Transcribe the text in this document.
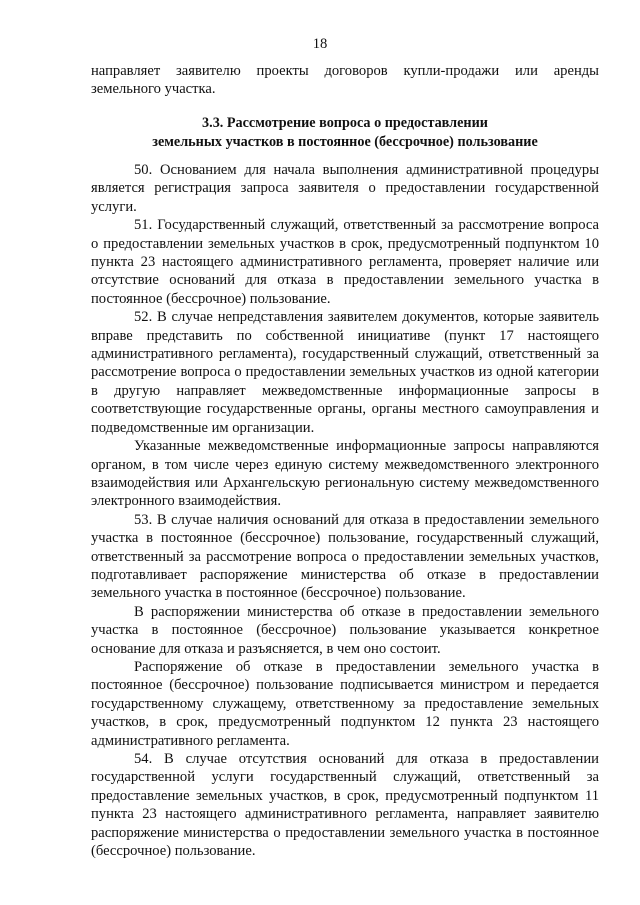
18
направляет заявителю проекты договоров купли-продажи или аренды земельного участка.
3.3. Рассмотрение вопроса о предоставлении
земельных участков в постоянное (бессрочное) пользование

50. Основанием для начала выполнения административной процедуры является регистрация запроса заявителя о предоставлении государственной услуги.

51. Государственный служащий, ответственный за рассмотрение вопроса о предоставлении земельных участков в срок, предусмотренный подпунктом 10 пункта 23 настоящего административного регламента, проверяет наличие или отсутствие оснований для отказа в предоставлении земельного участка в постоянное (бессрочное) пользование.

52. В случае непредставления заявителем документов, которые заявитель вправе представить по собственной инициативе (пункт 17 настоящего административного регламента), государственный служащий, ответственный за рассмотрение вопроса о предоставлении земельных участков из одной категории в другую направляет межведомственные информационные запросы в соответствующие государственные органы, органы местного самоуправления и подведомственные им организации.

Указанные межведомственные информационные запросы направляются органом, в том числе через единую систему межведомственного электронного взаимодействия или Архангельскую региональную систему межведомственного электронного взаимодействия.

53. В случае наличия оснований для отказа в предоставлении земельного участка в постоянное (бессрочное) пользование, государственный служащий, ответственный за рассмотрение вопроса о предоставлении земельных участков, подготавливает распоряжение министерства об отказе в предоставлении земельного участка в постоянное (бессрочное) пользование.

В распоряжении министерства об отказе в предоставлении земельного участка в постоянное (бессрочное) пользование указывается конкретное основание для отказа и разъясняется, в чем оно состоит.

Распоряжение об отказе в предоставлении земельного участка в постоянное (бессрочное) пользование подписывается министром и передается государственному служащему, ответственному за предоставление земельных участков, в срок, предусмотренный подпунктом 12 пункта 23 настоящего административного регламента.

54. В случае отсутствия оснований для отказа в предоставлении государственной услуги государственный служащий, ответственный за предоставление земельных участков, в срок, предусмотренный подпунктом 11 пункта 23 настоящего административного регламента, направляет заявителю распоряжение министерства о предоставлении земельного участка в постоянное (бессрочное) пользование.
